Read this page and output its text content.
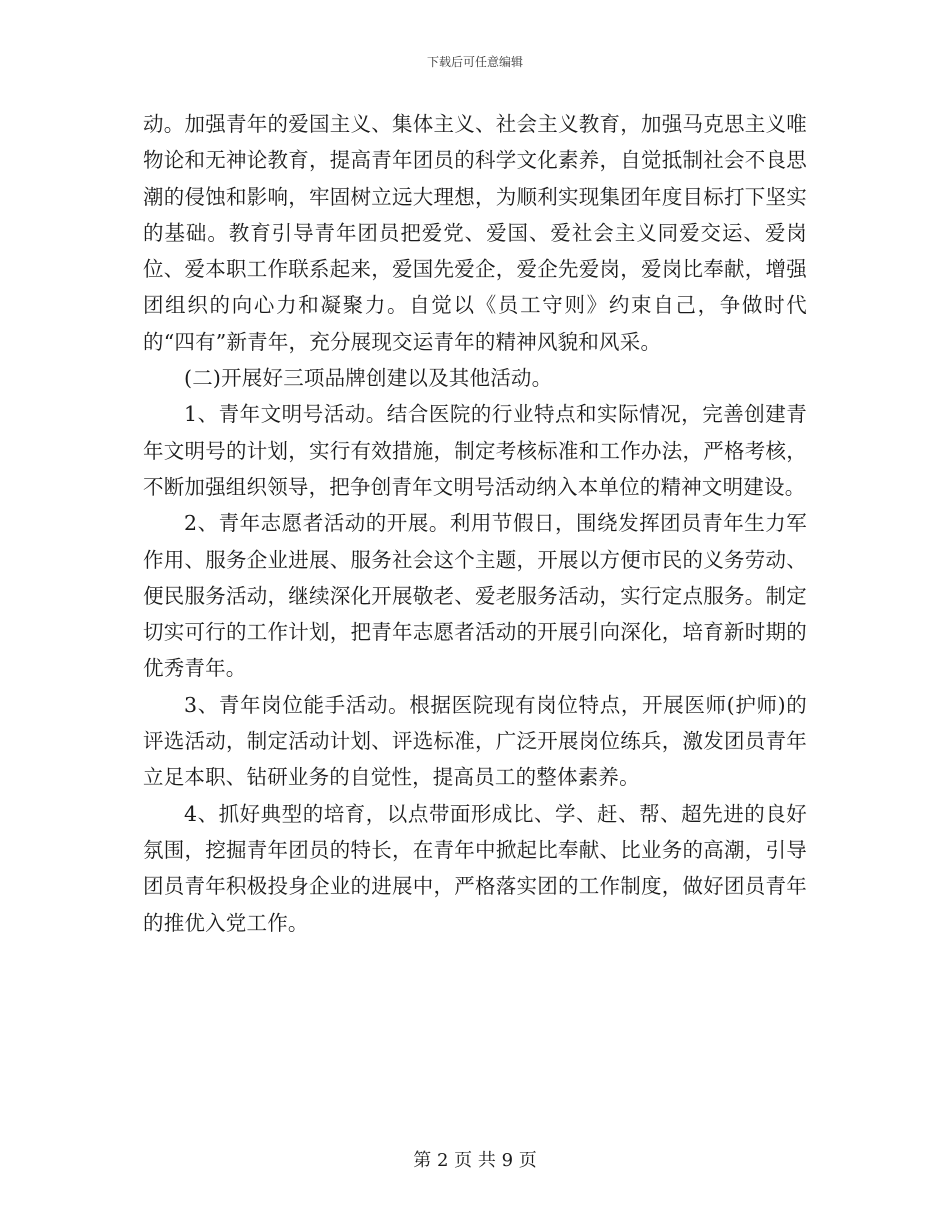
下载后可任意编辑

动。加强青年的爱国主义、集体主义、社会主义教育，加强马克思主义唯物论和无神论教育，提高青年团员的科学文化素养，自觉抵制社会不良思潮的侵蚀和影响，牢固树立远大理想，为顺利实现集团年度目标打下坚实的基础。教育引导青年团员把爱党、爱国、爱社会主义同爱交运、爱岗位、爱本职工作联系起来，爱国先爱企，爱企先爱岗，爱岗比奉献，增强团组织的向心力和凝聚力。自觉以《员工守则》约束自己，争做时代的“四有”新青年，充分展现交运青年的精神风貌和风采。

(二)开展好三项品牌创建以及其他活动。

1、青年文明号活动。结合医院的行业特点和实际情况，完善创建青年文明号的计划，实行有效措施，制定考核标准和工作办法，严格考核，不断加强组织领导，把争创青年文明号活动纳入本单位的精神文明建设。

2、青年志愿者活动的开展。利用节假日，围绕发挥团员青年生力军作用、服务企业进展、服务社会这个主题，开展以方便市民的义务劳动、便民服务活动，继续深化开展敬老、爱老服务活动，实行定点服务。制定切实可行的工作计划，把青年志愿者活动的开展引向深化，培育新时期的优秀青年。

3、青年岗位能手活动。根据医院现有岗位特点，开展医师(护师)的评选活动，制定活动计划、评选标准，广泛开展岗位练兵，激发团员青年立足本职、钻研业务的自觉性，提高员工的整体素养。

4、抓好典型的培育，以点带面形成比、学、赶、帮、超先进的良好氛围，挖掘青年团员的特长，在青年中掀起比奉献、比业务的高潮，引导团员青年积极投身企业的进展中，严格落实团的工作制度，做好团员青年的推优入党工作。

第 2 页 共 9 页
